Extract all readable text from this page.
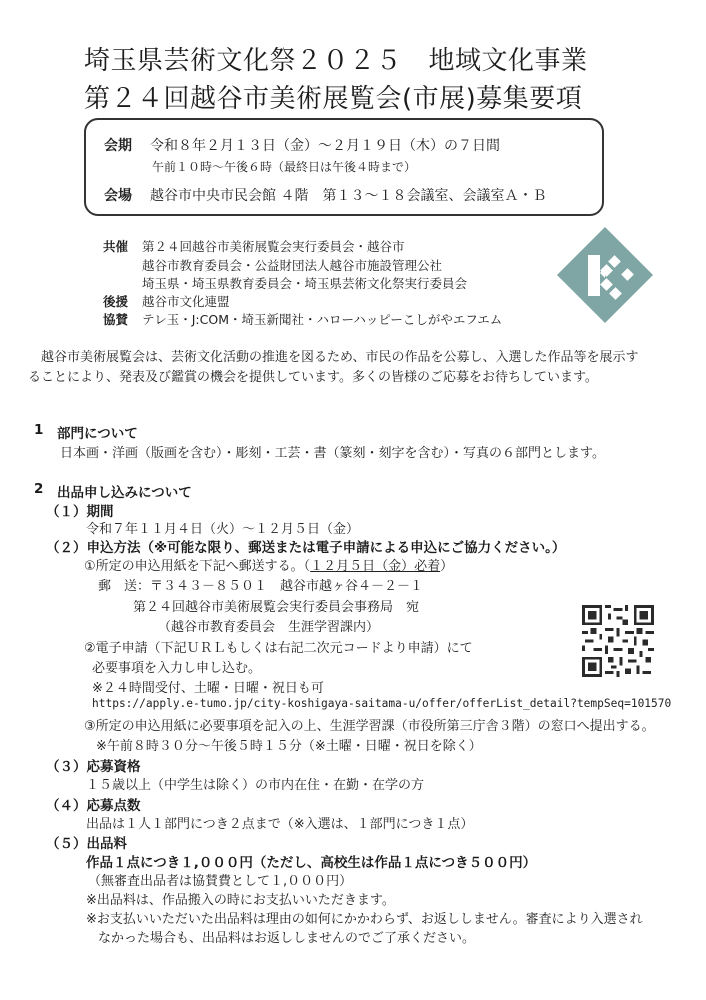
埼玉県芸術文化祭２０２５　地域文化事業
第２４回越谷市美術展覧会(市展)募集要項
会期 令和８年２月１３日（金）～２月１９日（木）の７日間
午前１０時～午後６時（最終日は午後４時まで）
会場 越谷市中央市民会館 ４階　第１３～１８会議室、会議室Ａ・Ｂ
共催 第２４回越谷市美術展覧会実行委員会・越谷市
越谷市教育委員会・公益財団法人越谷市施設管理公社
埼玉県・埼玉県教育委員会・埼玉県芸術文化祭実行委員会
後援 越谷市文化連盟
協賛 テレ玉・J:COM・埼玉新聞社・ハローハッピーこしがやエフエム
　越谷市美術展覧会は、芸術文化活動の推進を図るため、市民の作品を公募し、入選した作品等を展示す
ることにより、発表及び鑑賞の機会を提供しています。多くの皆様のご応募をお待ちしています。
1 部門について
日本画・洋画（版画を含む）・彫刻・工芸・書（篆刻・刻字を含む）・写真の６部門とします。
2 出品申し込みについて
（１）期間
令和７年１１月４日（火）～１２月５日（金）
（２）申込方法（※可能な限り、郵送または電子申請による申込にご協力ください。）
①所定の申込用紙を下記へ郵送する。（１２月５日（金）必着）
郵　送：〒３４３－８５０１　越谷市越ヶ谷４－２－１
第２４回越谷市美術展覧会実行委員会事務局　宛
（越谷市教育委員会　生涯学習課内）
②電子申請（下記ＵＲＬもしくは右記二次元コードより申請）にて
必要事項を入力し申し込む。
※２４時間受付、土曜・日曜・祝日も可
https://apply.e-tumo.jp/city-koshigaya-saitama-u/offer/offerList_detail?tempSeq=101570
③所定の申込用紙に必要事項を記入の上、生涯学習課（市役所第三庁舎３階）の窓口へ提出する。
※午前８時３０分～午後５時１５分（※土曜・日曜・祝日を除く）
（３）応募資格
１５歳以上（中学生は除く）の市内在住・在勤・在学の方
（４）応募点数
出品は１人１部門につき２点まで（※入選は、１部門につき１点）
（５）出品料
作品１点につき１,０００円（ただし、高校生は作品１点につき５００円）
（無審査出品者は協賛費として１,０００円）
※出品料は、作品搬入の時にお支払いいただきます。
※お支払いいただいた出品料は理由の如何にかかわらず、お返ししません。審査により入選され
なかった場合も、出品料はお返ししませんのでご了承ください。
